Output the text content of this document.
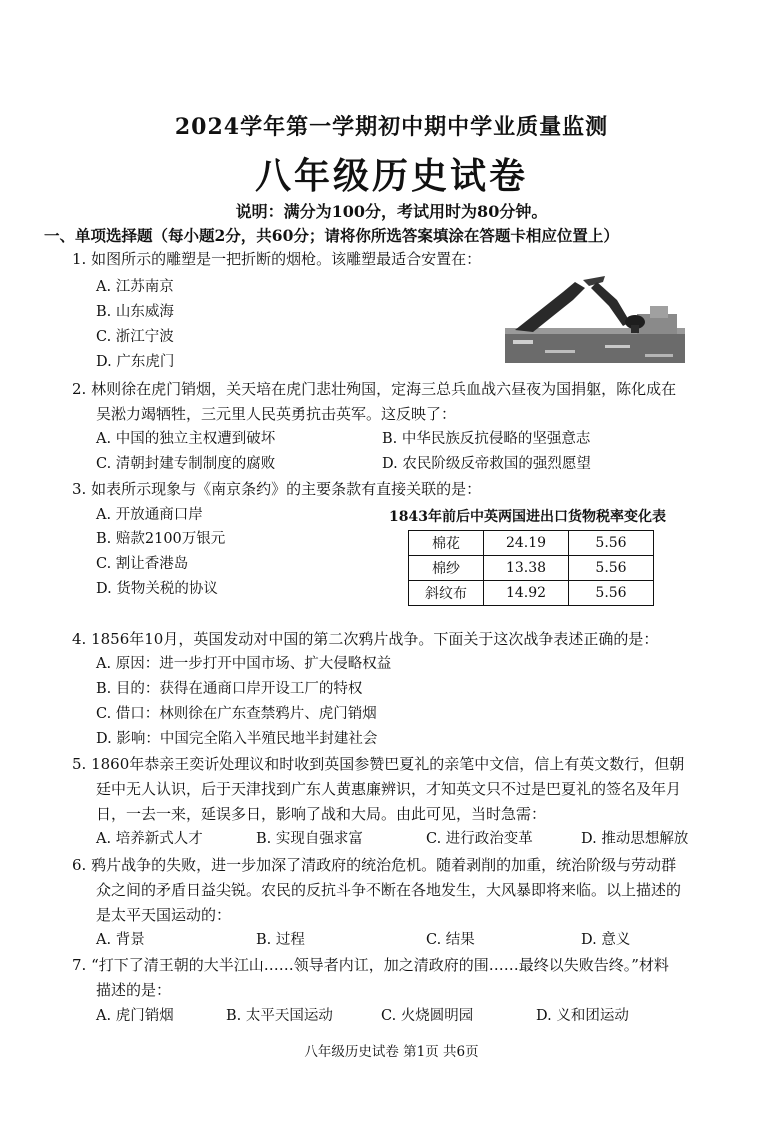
2024学年第一学期初中期中学业质量监测
八年级历史试卷
说明：满分为100分，考试用时为80分钟。
一、单项选择题（每小题2分，共60分；请将你所选答案填涂在答题卡相应位置上）
1. 如图所示的雕塑是一把折断的烟枪。该雕塑最适合安置在：
A. 江苏南京
B. 山东威海
C. 浙江宁波
D. 广东虎门
2. 林则徐在虎门销烟，关天培在虎门悲壮殉国，定海三总兵血战六昼夜为国捐躯，陈化成在
吴淞力竭牺牲，三元里人民英勇抗击英军。这反映了：
A. 中国的独立主权遭到破坏	B. 中华民族反抗侵略的坚强意志
C. 清朝封建专制制度的腐败	D. 农民阶级反帝救国的强烈愿望
3. 如表所示现象与《南京条约》的主要条款有直接关联的是：
A. 开放通商口岸
B. 赔款2100万银元
C. 割让香港岛
D. 货物关税的协议
1843年前后中英两国进出口货物税率变化表
棉花	24.19	5.56
棉纱	13.38	5.56
斜纹布	14.92	5.56
4. 1856年10月，英国发动对中国的第二次鸦片战争。下面关于这次战争表述正确的是：
A. 原因：进一步打开中国市场、扩大侵略权益
B. 目的：获得在通商口岸开设工厂的特权
C. 借口：林则徐在广东查禁鸦片、虎门销烟
D. 影响：中国完全陷入半殖民地半封建社会
5. 1860年恭亲王奕䜣处理议和时收到英国参赞巴夏礼的亲笔中文信，信上有英文数行，但朝
廷中无人认识，后于天津找到广东人黄惠廉辨识，才知英文只不过是巴夏礼的签名及年月
日，一去一来，延误多日，影响了战和大局。由此可见，当时急需：
A. 培养新式人才	B. 实现自强求富	C. 进行政治变革	D. 推动思想解放
6. 鸦片战争的失败，进一步加深了清政府的统治危机。随着剥削的加重，统治阶级与劳动群
众之间的矛盾日益尖锐。农民的反抗斗争不断在各地发生，大风暴即将来临。以上描述的
是太平天国运动的：
A. 背景	B. 过程	C. 结果	D. 意义
7. “打下了清王朝的大半江山……领导者内讧，加之清政府的围……最终以失败告终。”材料
描述的是：
A. 虎门销烟	B. 太平天国运动	C. 火烧圆明园	D. 义和团运动
八年级历史试卷 第1页 共6页
